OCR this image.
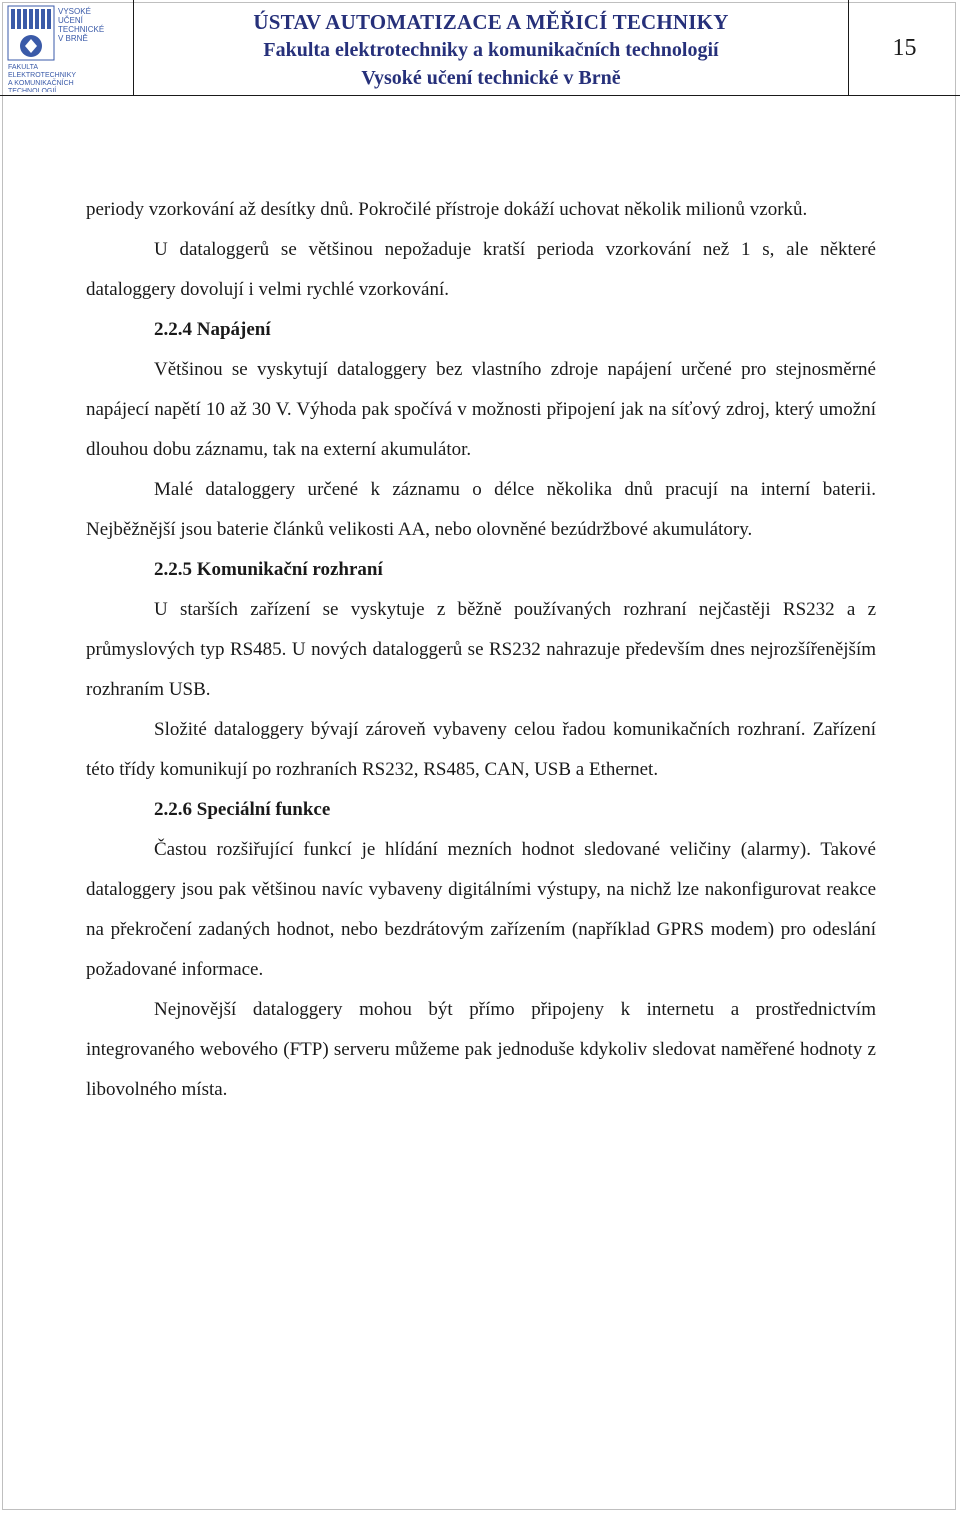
VYSOKÉ
UČENÍ
TECHNICKÉ
V BRNĚ
FAKULTA
ELEKTROTECHNIKY
A KOMUNIKAČNÍCH
TECHNOLOGIÍ
ÚSTAV AUTOMATIZACE A MĚŘICÍ TECHNIKY
Fakulta elektrotechniky a komunikačních technologií
Vysoké učení technické v Brně
15

periody vzorkování až desítky dnů. Pokročilé přístroje dokáží uchovat několik milionů vzorků.

U dataloggerů se většinou nepožaduje kratší perioda vzorkování než 1 s, ale některé dataloggery dovolují i velmi rychlé vzorkování.

2.2.4 Napájení

Většinou se vyskytují dataloggery bez vlastního zdroje napájení určené pro stejnosměrné napájecí napětí 10 až 30 V. Výhoda pak spočívá v možnosti připojení jak na síťový zdroj, který umožní dlouhou dobu záznamu, tak na externí akumulátor.

Malé dataloggery určené k záznamu o délce několika dnů pracují na interní baterii. Nejběžnější jsou baterie článků velikosti AA, nebo olovněné bezúdržbové akumulátory.

2.2.5 Komunikační rozhraní

U starších zařízení se vyskytuje z běžně používaných rozhraní nejčastěji RS232 a z průmyslových typ RS485. U nových dataloggerů se RS232 nahrazuje především dnes nejrozšířenějším rozhraním USB.

Složité dataloggery bývají zároveň vybaveny celou řadou komunikačních rozhraní. Zařízení této třídy komunikují po rozhraních RS232, RS485, CAN, USB a Ethernet.

2.2.6 Speciální funkce

Častou rozšiřující funkcí je hlídání mezních hodnot sledované veličiny (alarmy). Takové dataloggery jsou pak většinou navíc vybaveny digitálními výstupy, na nichž lze nakonfigurovat reakce na překročení zadaných hodnot, nebo bezdrátovým zařízením (například GPRS modem) pro odeslání požadované informace.

Nejnovější dataloggery mohou být přímo připojeny k internetu a prostřednictvím integrovaného webového (FTP) serveru můžeme pak jednoduše kdykoliv sledovat naměřené hodnoty z libovolného místa.
